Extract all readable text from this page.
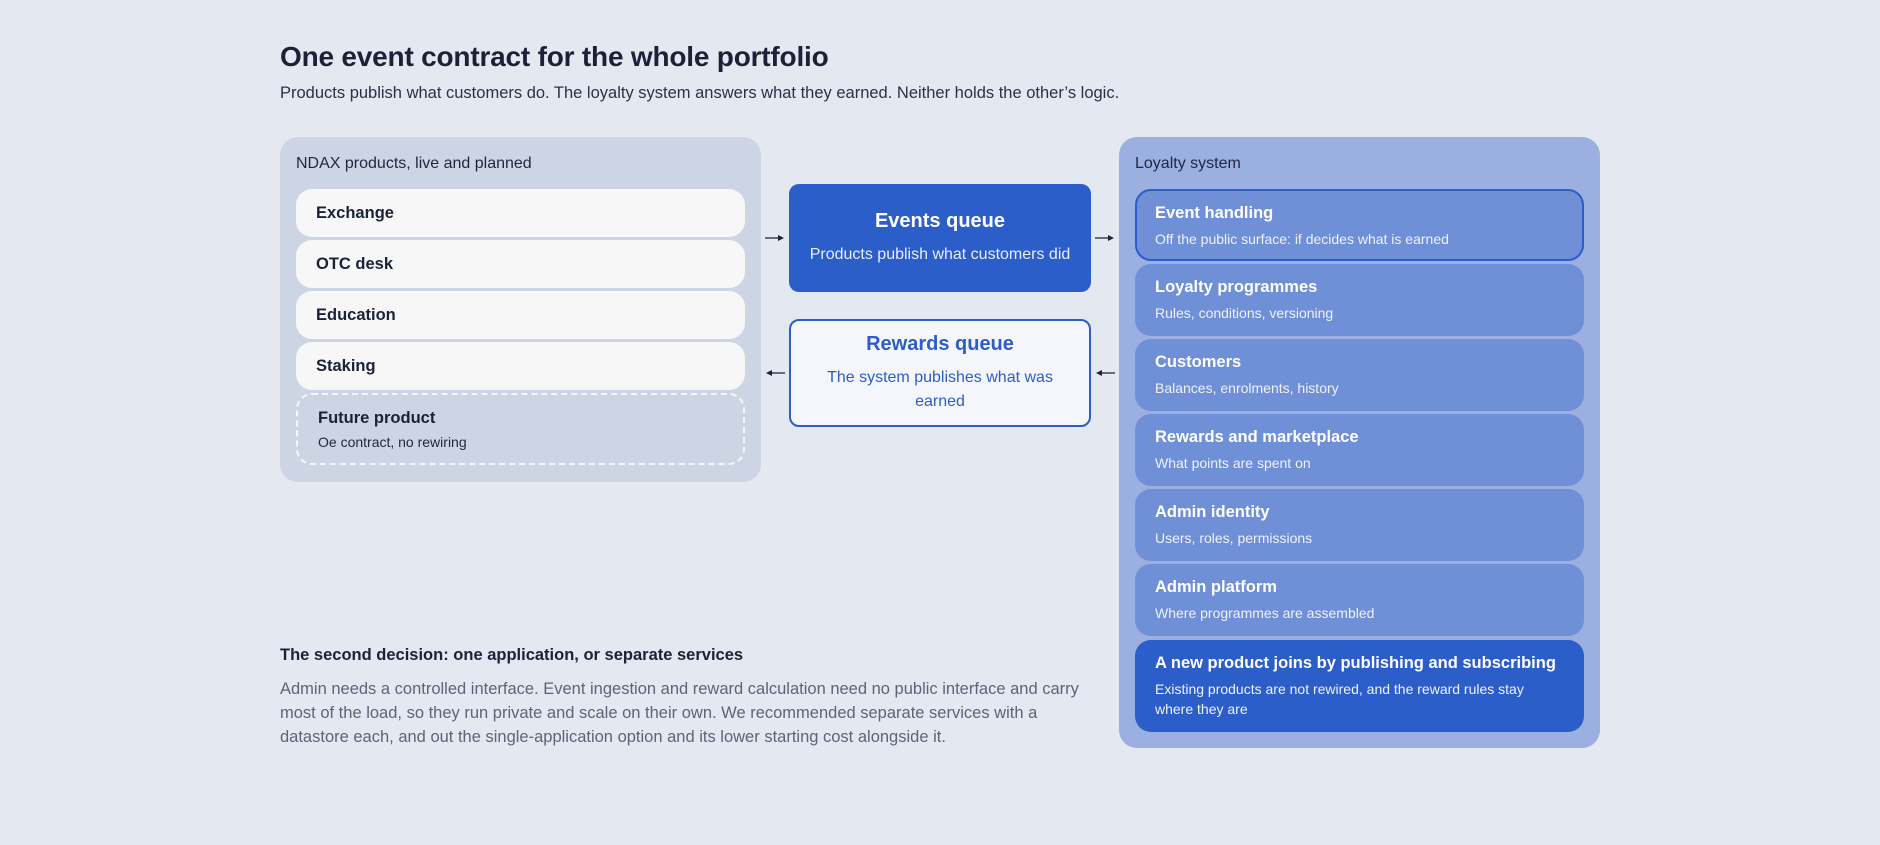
One event contract for the whole portfolio
Products publish what customers do. The loyalty system answers what they earned. Neither holds the other’s logic.
NDAX products, live and planned
Exchange
OTC desk
Education
Staking
Future product
Oe contract, no rewiring
Events queue
Products publish what customers did
Rewards queue
The system publishes what was earned
Loyalty system
Event handling
Off the public surface: if decides what is earned
Loyalty programmes
Rules, conditions, versioning
Customers
Balances, enrolments, history
Rewards and marketplace
What points are spent on
Admin identity
Users, roles, permissions
Admin platform
Where programmes are assembled
A new product joins by publishing and subscribing
Existing products are not rewired, and the reward rules stay where they are
The second decision: one application, or separate services
Admin needs a controlled interface. Event ingestion and reward calculation need no public interface and carry most of the load, so they run private and scale on their own. We recommended separate services with a datastore each, and out the single-application option and its lower starting cost alongside it.
